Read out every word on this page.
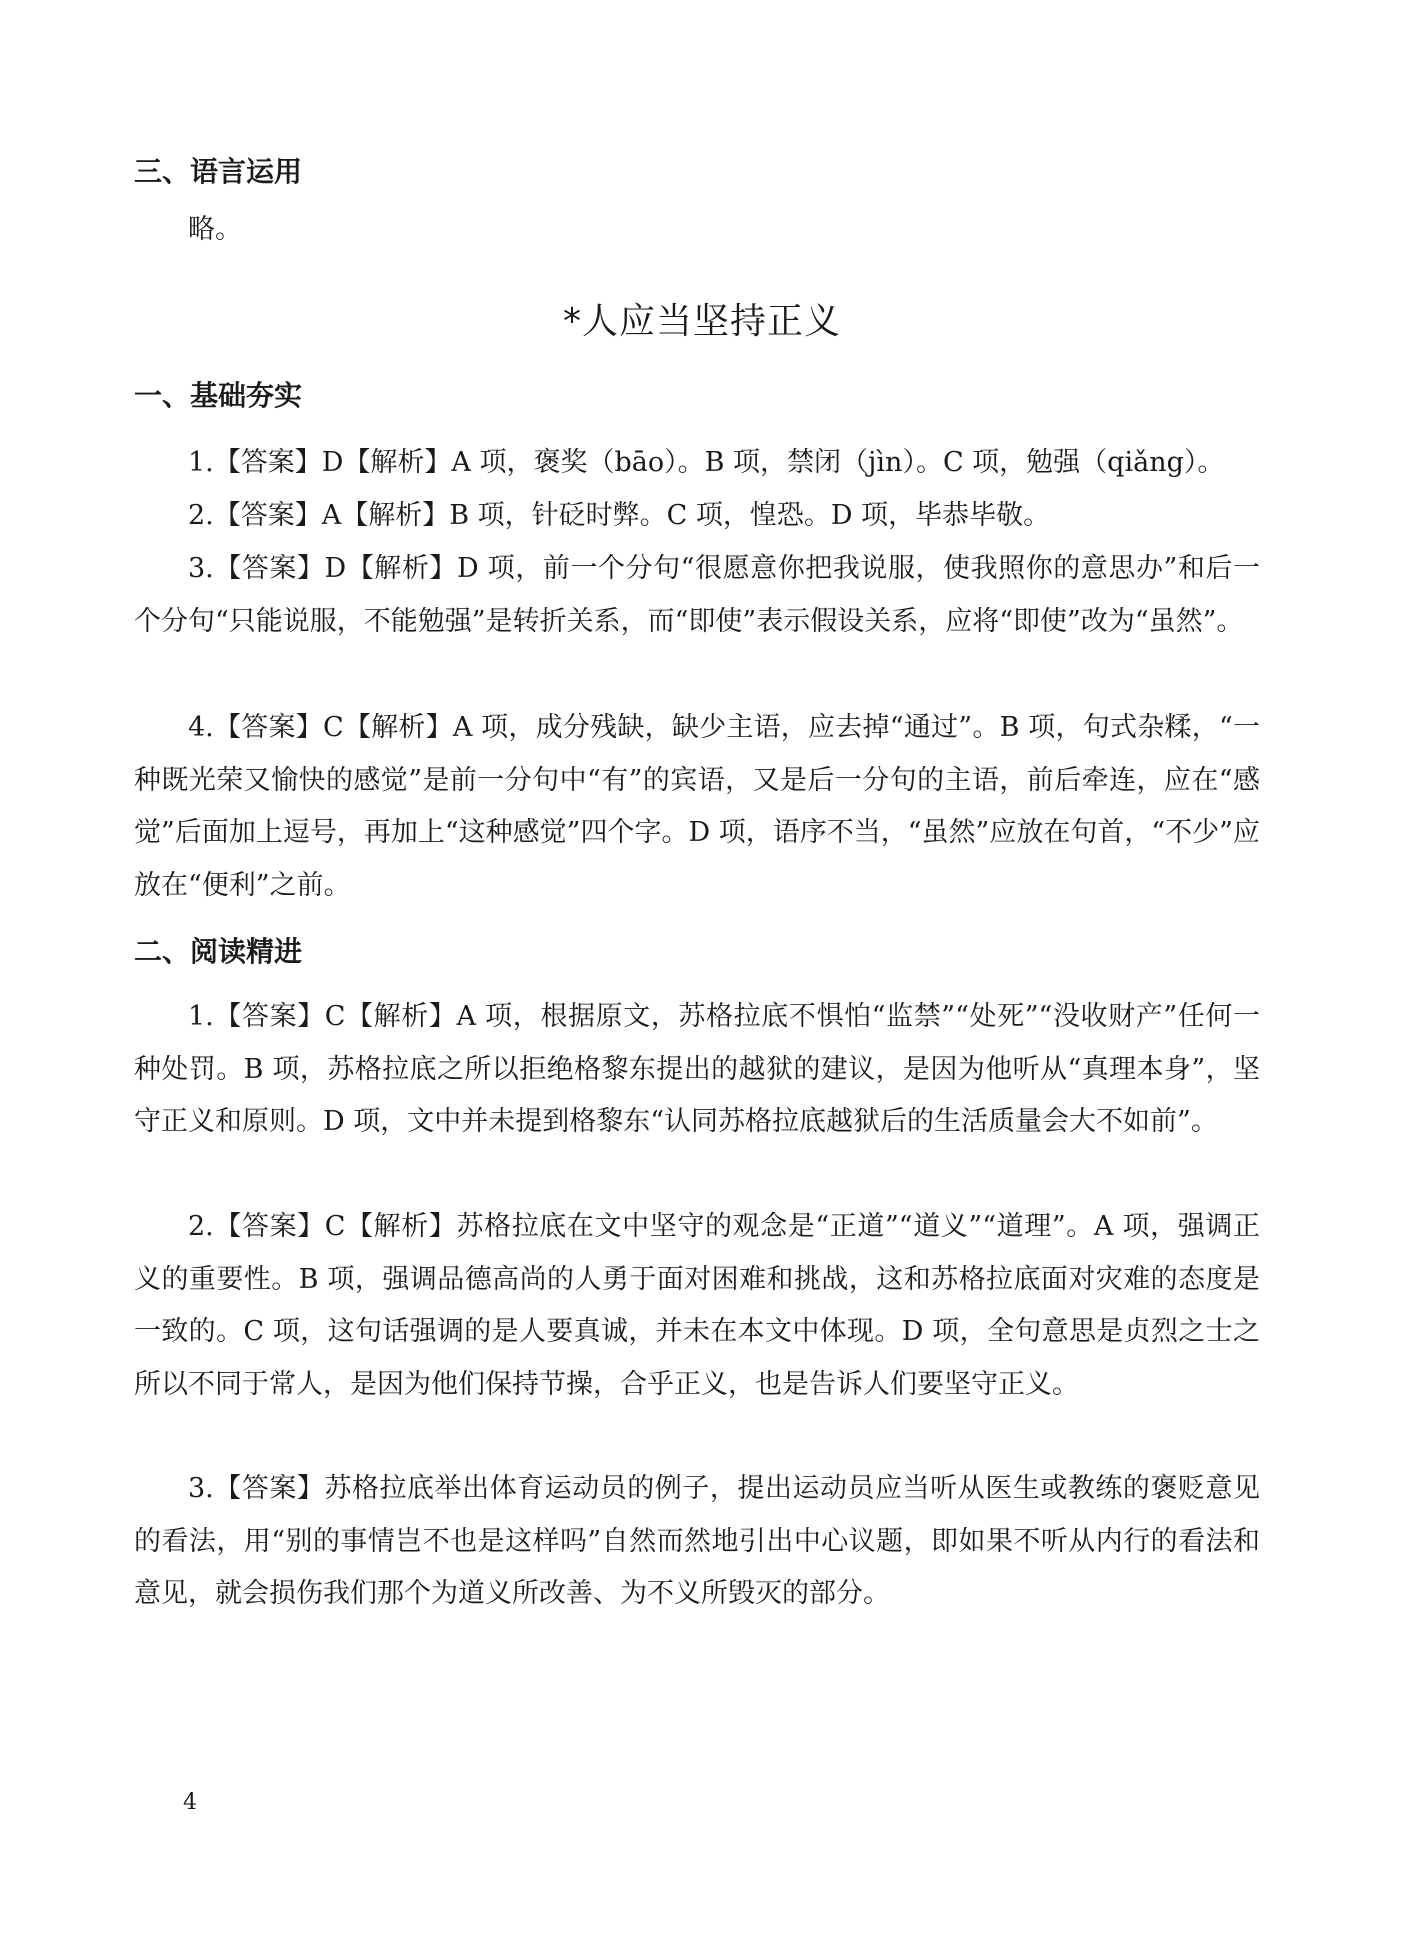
三、语言运用

略。

*人应当坚持正义
一、基础夯实

1.【答案】D【解析】A 项，褒奖（bāo）。B 项，禁闭（jìn）。C 项，勉强（qiǎng）。

2.【答案】A【解析】B 项，针砭时弊。C 项，惶恐。D 项，毕恭毕敬。

3.【答案】D【解析】D 项，前一个分句“很愿意你把我说服，使我照你的意思办”和后一个分句“只能说服，不能勉强”是转折关系，而“即使”表示假设关系，应将“即使”改为“虽然”。

4.【答案】C【解析】A 项，成分残缺，缺少主语，应去掉“通过”。B 项，句式杂糅，“一种既光荣又愉快的感觉”是前一分句中“有”的宾语，又是后一分句的主语，前后牵连，应在“感觉”后面加上逗号，再加上“这种感觉”四个字。D 项，语序不当，“虽然”应放在句首，“不少”应放在“便利”之前。

二、阅读精进

1.【答案】C【解析】A 项，根据原文，苏格拉底不惧怕“监禁”“处死”“没收财产”任何一种处罚。B 项，苏格拉底之所以拒绝格黎东提出的越狱的建议，是因为他听从“真理本身”，坚守正义和原则。D 项，文中并未提到格黎东“认同苏格拉底越狱后的生活质量会大不如前”。

2.【答案】C【解析】苏格拉底在文中坚守的观念是“正道”“道义”“道理”。A 项，强调正义的重要性。B 项，强调品德高尚的人勇于面对困难和挑战，这和苏格拉底面对灾难的态度是一致的。C 项，这句话强调的是人要真诚，并未在本文中体现。D 项，全句意思是贞烈之士之所以不同于常人，是因为他们保持节操，合乎正义，也是告诉人们要坚守正义。

3.【答案】苏格拉底举出体育运动员的例子，提出运动员应当听从医生或教练的褒贬意见的看法，用“别的事情岂不也是这样吗”自然而然地引出中心议题，即如果不听从内行的看法和意见，就会损伤我们那个为道义所改善、为不义所毁灭的部分。

4
